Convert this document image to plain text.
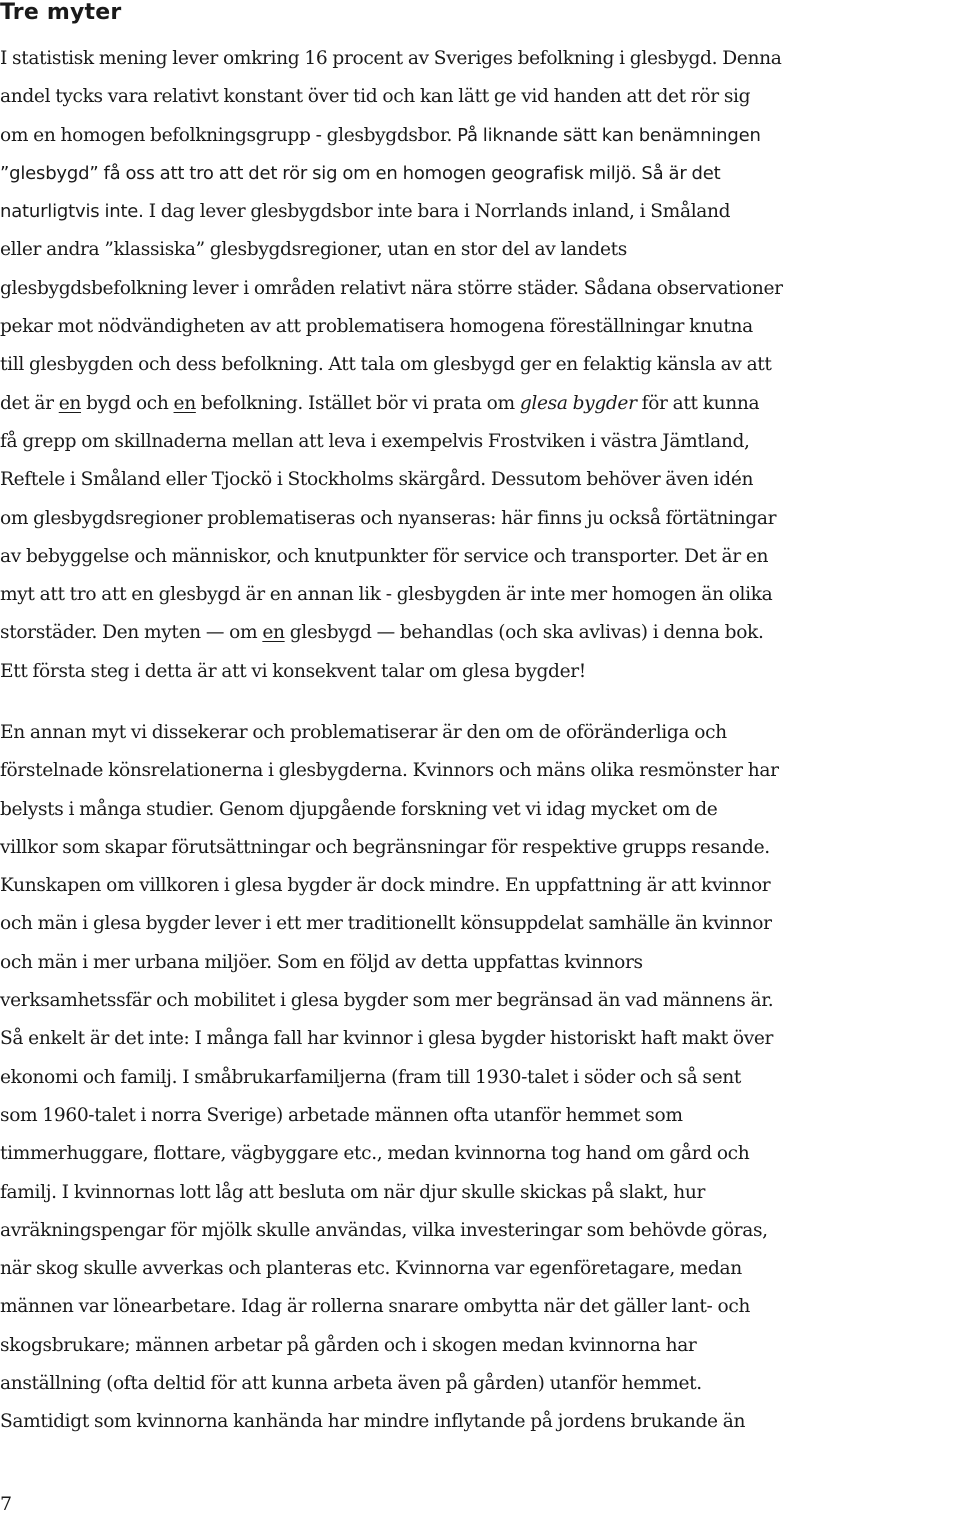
Tre myter

I statistisk mening lever omkring 16 procent av Sveriges befolkning i glesbygd. Denna
andel tycks vara relativt konstant över tid och kan lätt ge vid handen att det rör sig
om en homogen befolkningsgrupp - glesbygdsbor. På liknande sätt kan benämningen
”glesbygd” få oss att tro att det rör sig om en homogen geografisk miljö. Så är det
naturligtvis inte. I dag lever glesbygdsbor inte bara i Norrlands inland, i Småland
eller andra ”klassiska” glesbygdsregioner, utan en stor del av landets
glesbygdsbefolkning lever i områden relativt nära större städer. Sådana observationer
pekar mot nödvändigheten av att problematisera homogena föreställningar knutna
till glesbygden och dess befolkning. Att tala om glesbygd ger en felaktig känsla av att
det är en bygd och en befolkning. Istället bör vi prata om glesa bygder för att kunna
få grepp om skillnaderna mellan att leva i exempelvis Frostviken i västra Jämtland,
Reftele i Småland eller Tjockö i Stockholms skärgård. Dessutom behöver även idén
om glesbygdsregioner problematiseras och nyanseras: här finns ju också förtätningar
av bebyggelse och människor, och knutpunkter för service och transporter. Det är en
myt att tro att en glesbygd är en annan lik - glesbygden är inte mer homogen än olika
storstäder. Den myten — om en glesbygd — behandlas (och ska avlivas) i denna bok.
Ett första steg i detta är att vi konsekvent talar om glesa bygder!

En annan myt vi dissekerar och problematiserar är den om de oföränderliga och
förstelnade könsrelationerna i glesbygderna. Kvinnors och mäns olika resmönster har
belysts i många studier. Genom djupgående forskning vet vi idag mycket om de
villkor som skapar förutsättningar och begränsningar för respektive grupps resande.
Kunskapen om villkoren i glesa bygder är dock mindre. En uppfattning är att kvinnor
och män i glesa bygder lever i ett mer traditionellt könsuppdelat samhälle än kvinnor
och män i mer urbana miljöer. Som en följd av detta uppfattas kvinnors
verksamhetssfär och mobilitet i glesa bygder som mer begränsad än vad männens är.
Så enkelt är det inte: I många fall har kvinnor i glesa bygder historiskt haft makt över
ekonomi och familj. I småbrukarfamiljerna (fram till 1930-talet i söder och så sent
som 1960-talet i norra Sverige) arbetade männen ofta utanför hemmet som
timmerhuggare, flottare, vägbyggare etc., medan kvinnorna tog hand om gård och
familj. I kvinnornas lott låg att besluta om när djur skulle skickas på slakt, hur
avräkningspengar för mjölk skulle användas, vilka investeringar som behövde göras,
när skog skulle avverkas och planteras etc. Kvinnorna var egenföretagare, medan
männen var lönearbetare. Idag är rollerna snarare ombytta när det gäller lant- och
skogsbrukare; männen arbetar på gården och i skogen medan kvinnorna har
anställning (ofta deltid för att kunna arbeta även på gården) utanför hemmet.
Samtidigt som kvinnorna kanhända har mindre inflytande på jordens brukande än

7
